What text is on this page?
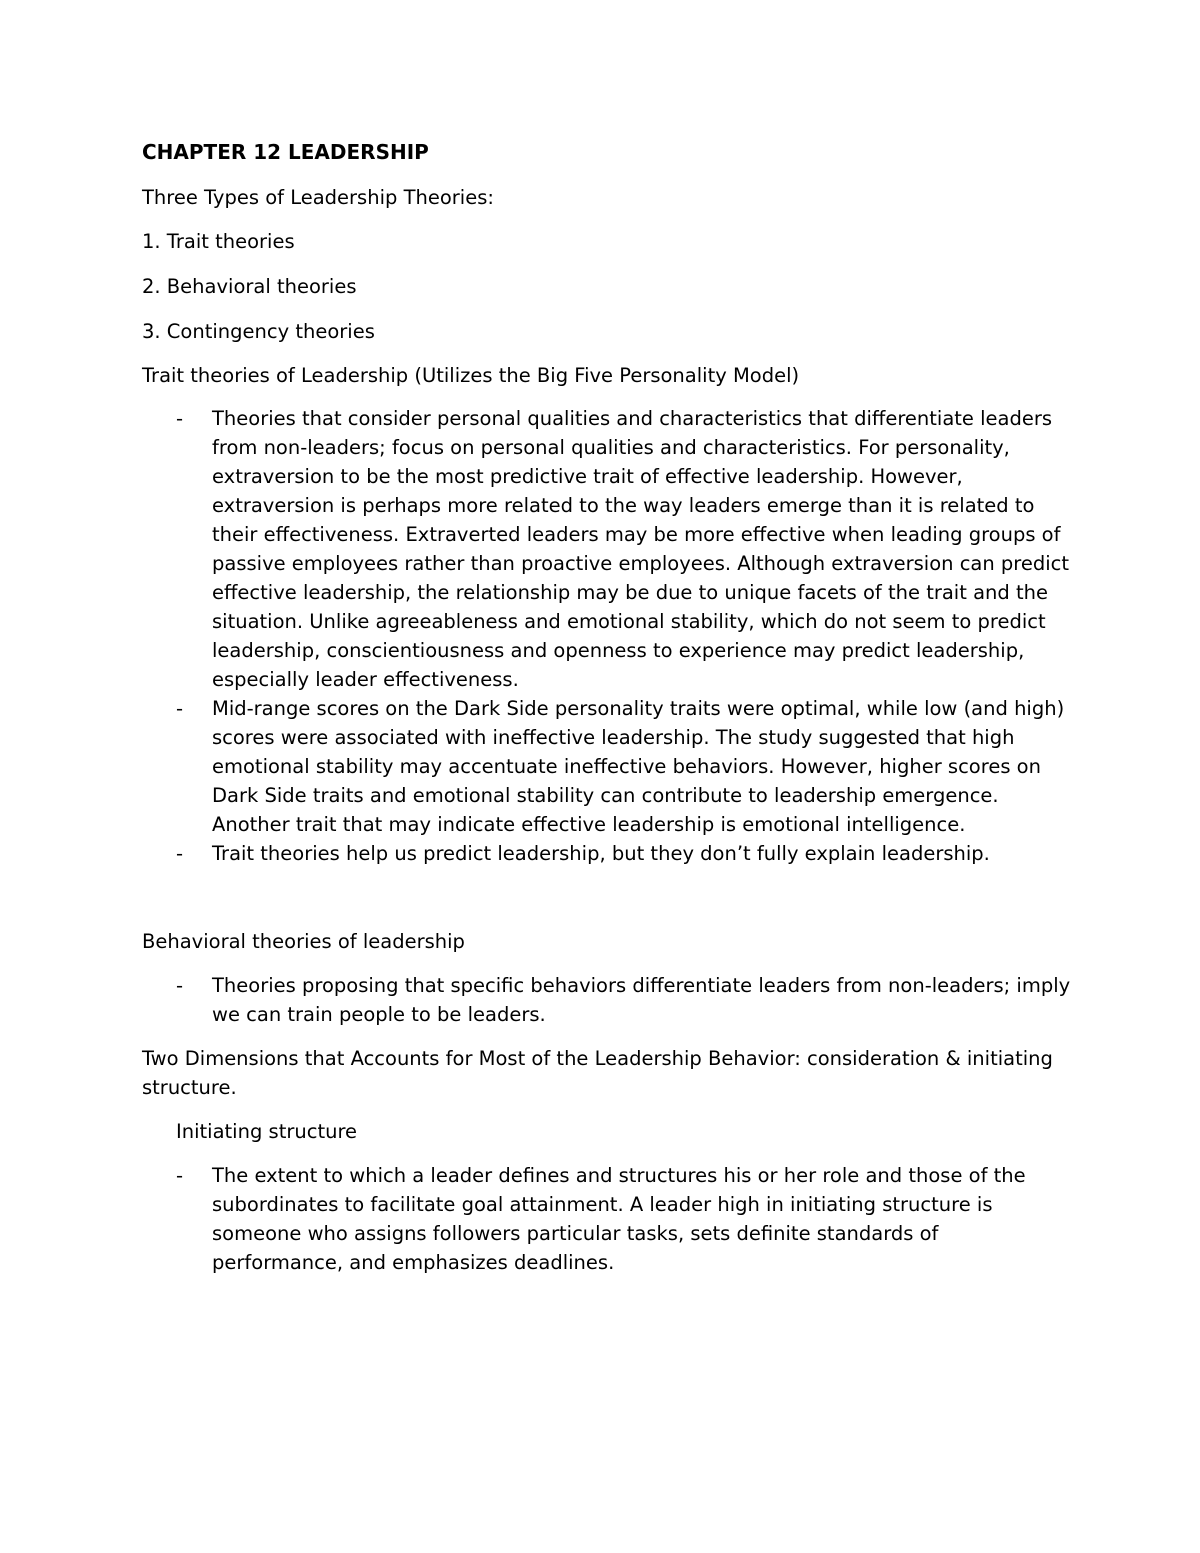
CHAPTER 12 LEADERSHIP

Three Types of Leadership Theories:

1. Trait theories

2. Behavioral theories

3. Contingency theories

Trait theories of Leadership (Utilizes the Big Five Personality Model)

- Theories that consider personal qualities and characteristics that differentiate leaders from non-leaders; focus on personal qualities and characteristics. For personality, extraversion to be the most predictive trait of effective leadership. However, extraversion is perhaps more related to the way leaders emerge than it is related to their effectiveness. Extraverted leaders may be more effective when leading groups of passive employees rather than proactive employees. Although extraversion can predict effective leadership, the relationship may be due to unique facets of the trait and the situation. Unlike agreeableness and emotional stability, which do not seem to predict leadership, conscientiousness and openness to experience may predict leadership, especially leader effectiveness.
- Mid-range scores on the Dark Side personality traits were optimal, while low (and high) scores were associated with ineffective leadership. The study suggested that high emotional stability may accentuate ineffective behaviors. However, higher scores on Dark Side traits and emotional stability can contribute to leadership emergence. Another trait that may indicate effective leadership is emotional intelligence.
- Trait theories help us predict leadership, but they don’t fully explain leadership.

Behavioral theories of leadership

- Theories proposing that specific behaviors differentiate leaders from non-leaders; imply we can train people to be leaders.

Two Dimensions that Accounts for Most of the Leadership Behavior: consideration & initiating structure.

Initiating structure

- The extent to which a leader defines and structures his or her role and those of the subordinates to facilitate goal attainment. A leader high in initiating structure is someone who assigns followers particular tasks, sets definite standards of performance, and emphasizes deadlines.
